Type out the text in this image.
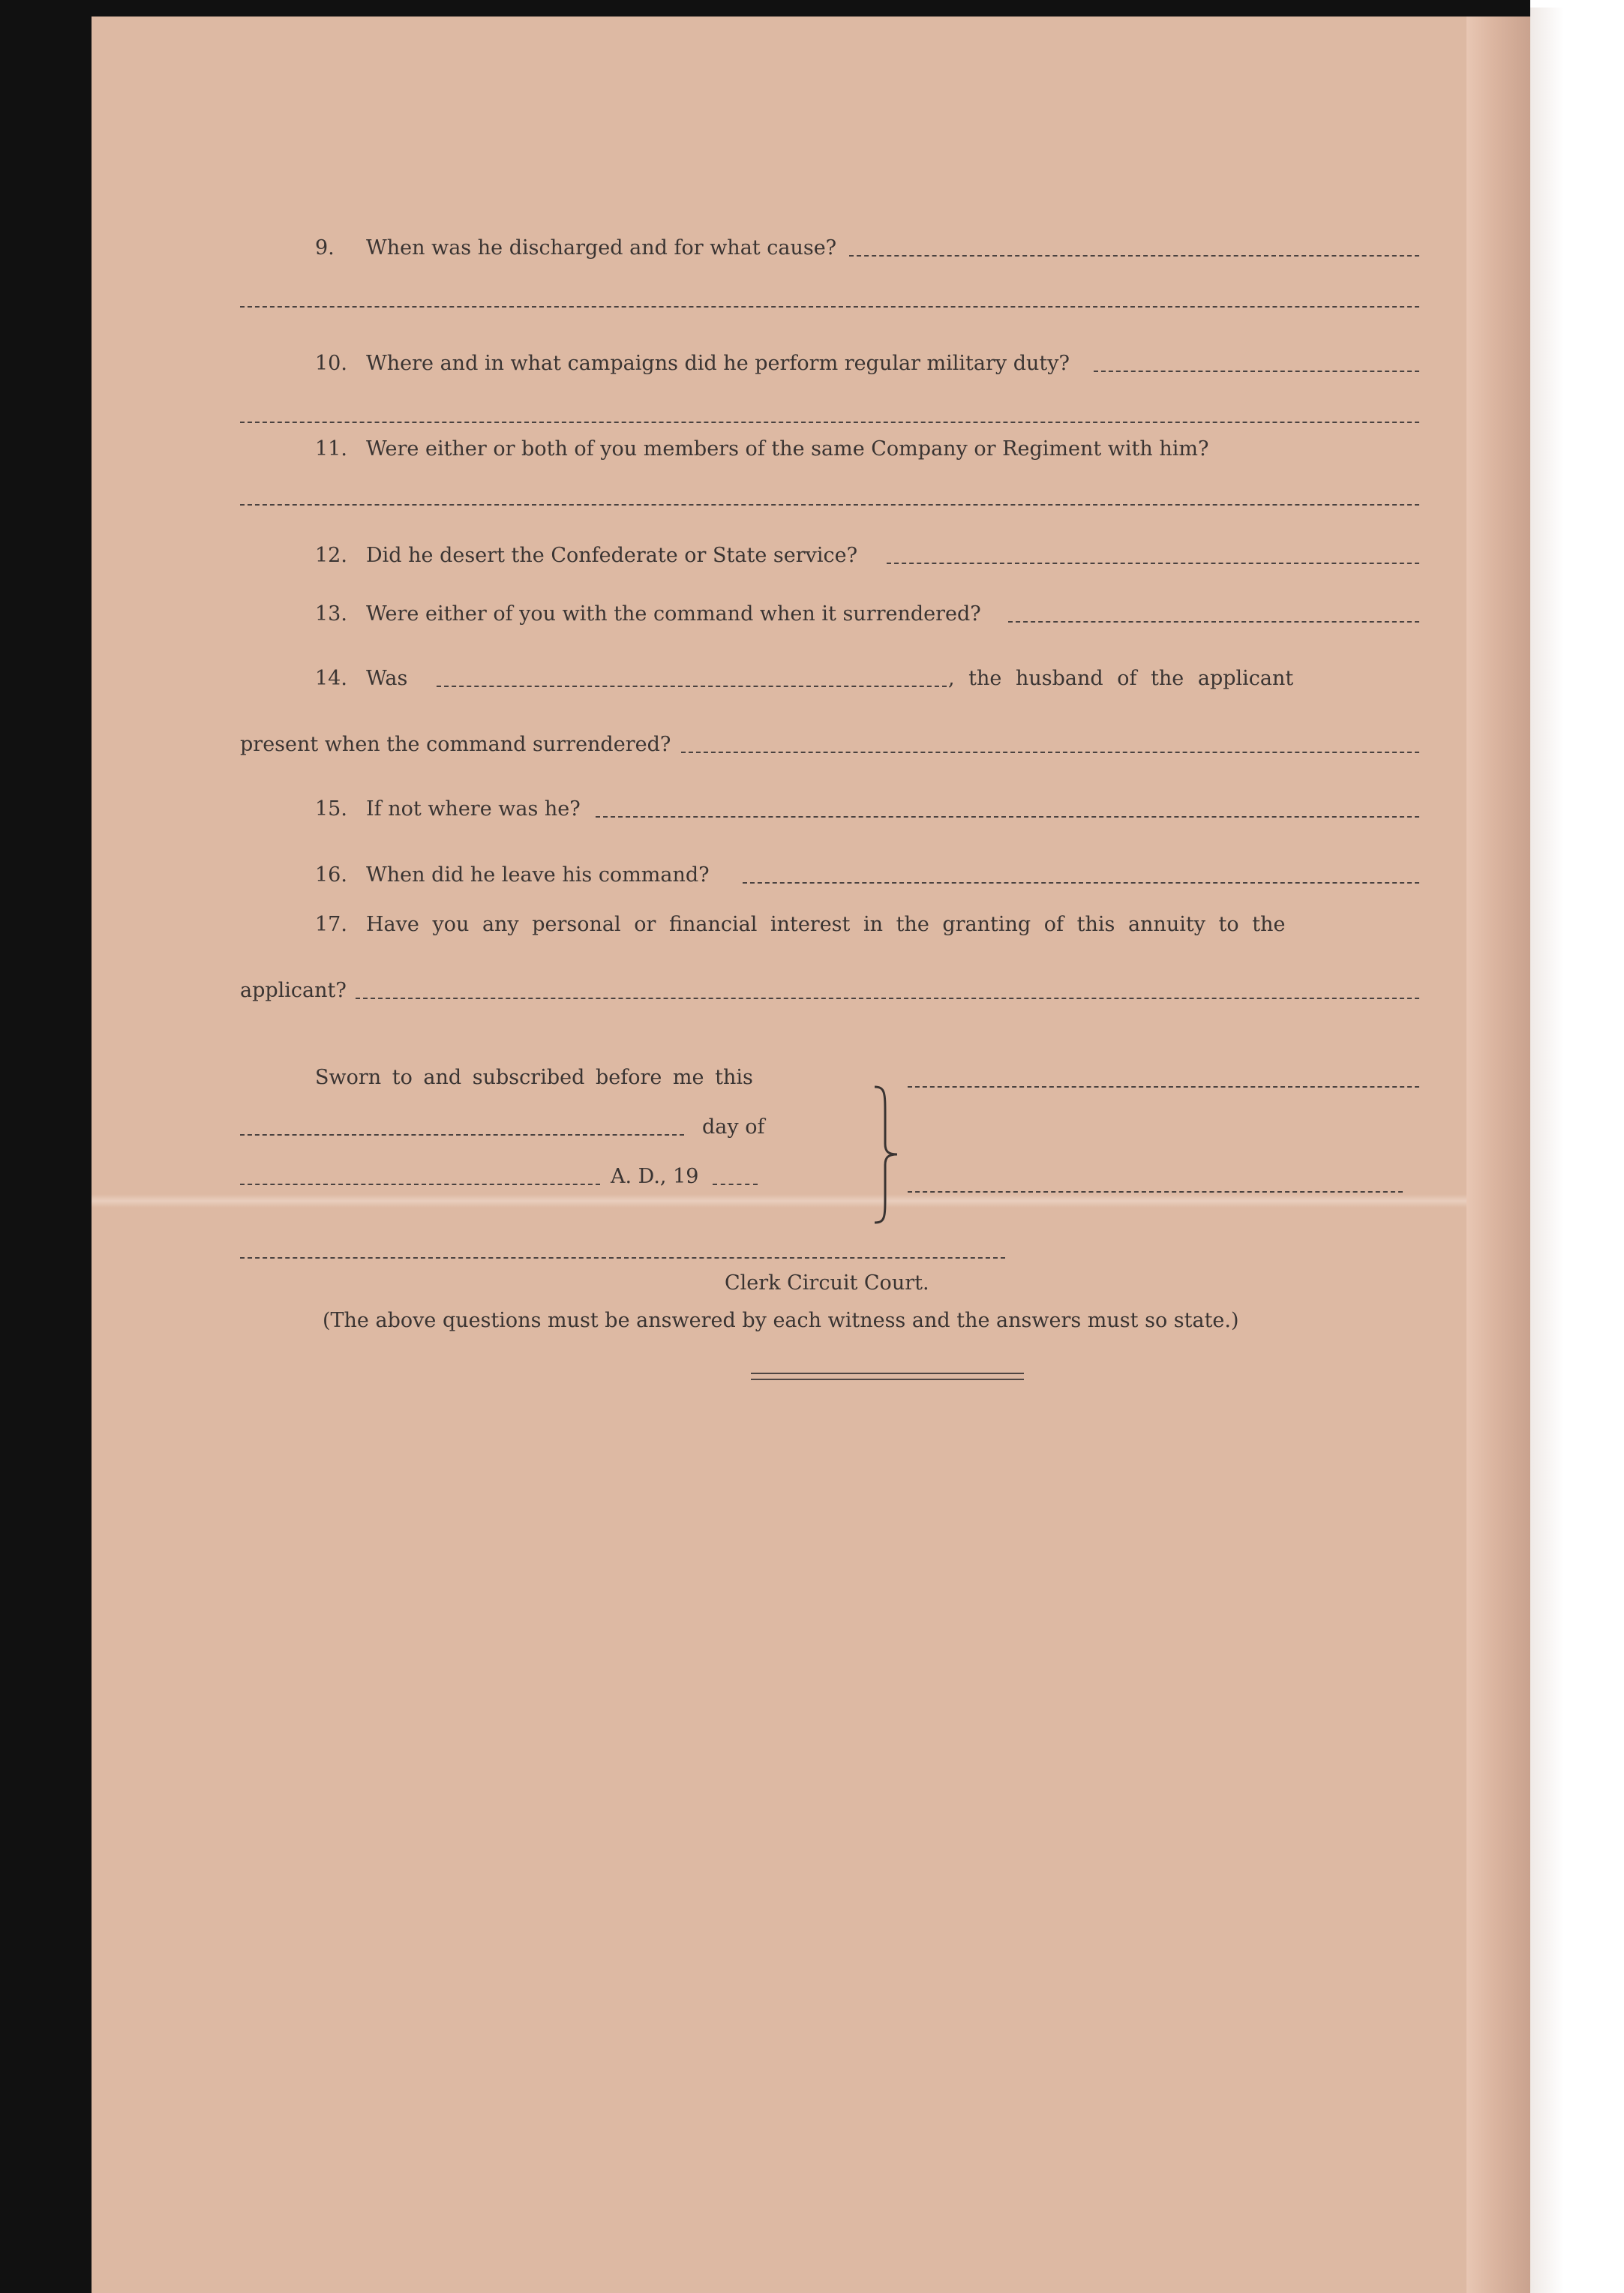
9. When was he discharged and for what cause?
10. Where and in what campaigns did he perform regular military duty?
11. Were either or both of you members of the same Company or Regiment with him?
12. Did he desert the Confederate or State service?
13. Were either of you with the command when it surrendered?
14. Was	, the husband of the applicant
present when the command surrendered?
15. If not where was he?
16. When did he leave his command?
17. Have you any personal or financial interest in the granting of this annuity to the
applicant?
Sworn to and subscribed before me this
day of
A. D., 19
Clerk Circuit Court.
(The above questions must be answered by each witness and the answers must so state.)
